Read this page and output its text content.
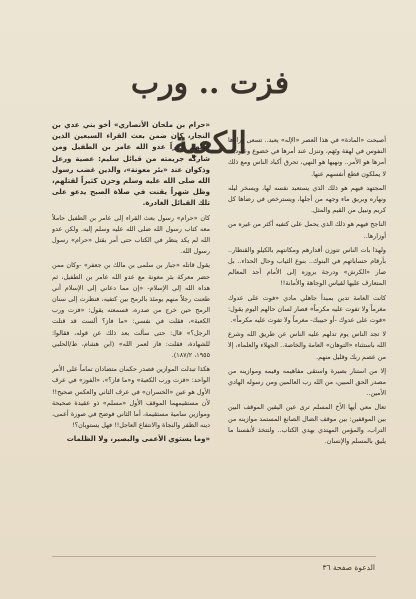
فزت .. ورب الكعبة

أصبحت «المادة» في هذا العصر «الإله» يعبد.. تسعى وراءها النفوس في لهفة ونَهَم، وتنزل عند أمرها في خضوع وعبودية. أمرها هو الأمر.. ونهيها هو النهي، تحرق أكباد الناس ومع ذلك لا يملكون قطع أنفسهم عنها.

المجتهد فيهم هو ذلك الذي يستعبد نفسه لها، ويسخر ليله ونهاره وبريق ماء وجهه من أجلها، ويسترخص في رضاها كل كريم ونبيل من القيم والمثل.

الناجح فيهم هو ذلك الذي يحمل على كتفيه أكثر من غيره من أوزارها..

ولهذا بات الناس تتوزن أقدارهم ومكانتهم بالكيلو والقنطار.. بأرقام حساباتهم في البنوك.. بنوع الثياب وحال الحذاء.. بل صار «الكرش» ودرجة بروزه إلى الأمام أحد المعالم المتعارف عليها لقياس الوجاهة والأمانة!!

كانت العامة تدين بمبدأ جاهلي مادي «فوت على عدوك مغرماً ولا تفوت عليه مكرماً» فصار لسان حالهم اليوم يقول: «فوت على عدوك -أو حبيبك- مغرماً ولا تفوت عليه مكرماً».

لا تجد الناس يوم تدلهم عليه الناس عن طريق الله وشرع الله باستثناء «التوهان» العامة والخاصة.. الجهلاء والعلماء، إلا من عصم ربك وقليل منهم.

إلا من استنار بصيرة واستقى مفاهيمه وقيمه وموازينه من مصدر الحق المبين، من الله رب العالمين ومن رسوله الهادي الأمين..

تعال معي أيها الأخ المسلم ترى عين اليقين الموقف البين بين الموقفين: بين موقف الضال الصانع المستمد موازينه من التراب، والمؤمن المهتدي بهدي الكتاب.. ولتتخذ لأنفسنا ما يليق بالمسلم والإنسان.

«حرام بن ملحان الأنصاري» أخو بني عدي بن النجار، كان ضمن بعث القراء السبعين الذين قتلهم غدراً عدو الله عامر بن الطفيل ومن شاركه جريمته من قبائل سليم: عصية ورعل وذكوان عند «بئر معونة»، والذين غضب رسول الله صلى الله عليه وسلم وحزن كثيراً لقتلهم، وظل شهراً يقنت في صلاة الصبح يدعو على تلك القبائل الغادرة.

كان «حرام» رسول بعث القراء إلى عامر بن الطفيل حاملاً معه كتاب رسول الله صلى الله عليه وسلم إليه. ولكن عدو الله لم يكد ينظر في الكتاب حتى أمر بقتل «حرام» رسول رسول الله.

يقول قاتله «جبار بن سلمى بن مالك بن جعفر» -وكان ممن حضر معركة بئر معونة مع عدو الله عامر بن الطفيل، ثم هداه الله إلى الإسلام- «إن مما دعاني إلى الإسلام أني طعنت رجلاً منهم يومئذ بالرمح بين كتفيه، فنظرت إلى سنان الرمح حين خرج من صدره، فسمعته يقول: «فزت ورب الكعبة»، فقلت في نفسي: «ما فاز؟ ألست قد قتلت الرجل؟» قال: حتى سألت بعد ذلك عن قوله، فقالوا: للشهادة، فقلت: فاز لعمر الله» (ابن هشام، ط/الحلبي ١٩٥٥، ١٨٧/٢).

هكذا تبدلت الموازين فصدر حكمان متضادان تماماً على الأمر الواحد: «فزت ورب الكعبة» و«ما فاز؟»، «الفوز» في عرف الأول هو عين «الخسران» في عرف الثاني والعكس صحيح!! لأن مستقيمهما الموقف الأول «مسلم» ذو عقيدة صحيحة وموازين سامية مستقيمة، أما الثاني فوضح في صورة أعمى، دينه الظفر والنجاة والانتفاع العاجل!! فهل يستويان؟!

«وما يستوي الأعمى والبصير، ولا الظلمات

الدعوة صفحة ٣٦
